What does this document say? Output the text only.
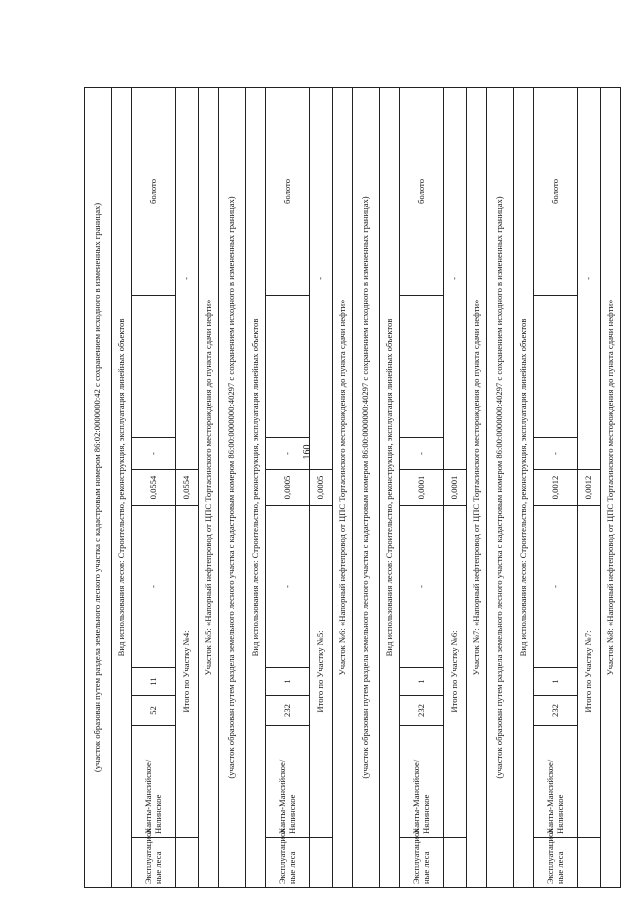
160
(участок образован путем раздела земельного лесного участка с кадастровым номером 86:02:0000000:42 с сохранением исходного в измененных границах)								
Вид использования лесов: Строительство, реконструкция, эксплуатация линейных объектов								
Эксплуатацион ные леса	Ханты-Мансийское/ Нялинское	52	11	-	0,0554	-		болото
	Итого по Участку №4:				0,0554	-		
Участок №5: «Напорный нефтепровод от ЦПС Тортасинского месторождения до пункта сдачи нефти»								
(участок образован путем раздела земельного лесного участка с кадастровым номером 86:00:0000000:40297 с сохранением исходного в измененных границах)								
Вид использования лесов: Строительство, реконструкция, эксплуатация линейных объектов								
Эксплуатацион ные леса	Ханты-Мансийское/ Нялинское	232	1	-	0,0005	-		болото
	Итого по Участку №5:				0,0005	-		
Участок №6: «Напорный нефтепровод от ЦПС Тортасинского месторождения до пункта сдачи нефти»								
(участок образован путем раздела земельного лесного участка с кадастровым номером 86:00:0000000:40297 с сохранением исходного в измененных границах)								
Вид использования лесов: Строительство, реконструкция, эксплуатация линейных объектов								
Эксплуатацион ные леса	Ханты-Мансийское/ Нялинское	232	1	-	0,0001	-		болото
	Итого по Участку №6:				0,0001	-		
Участок №7: «Напорный нефтепровод от ЦПС Тортасинского месторождения до пункта сдачи нефти»								
(участок образован путем раздела земельного лесного участка с кадастровым номером 86:00:0000000:40297 с сохранением исходного в измененных границах)								
Вид использования лесов: Строительство, реконструкция, эксплуатация линейных объектов								
Эксплуатацион ные леса	Ханты-Мансийское/ Нялинское	232	1	-	0,0012	-		болото
	Итого по Участку №7:				0,0012	-		
Участок №8: «Напорный нефтепровод от ЦПС Тортасинского месторождения до пункта сдачи нефти»								
